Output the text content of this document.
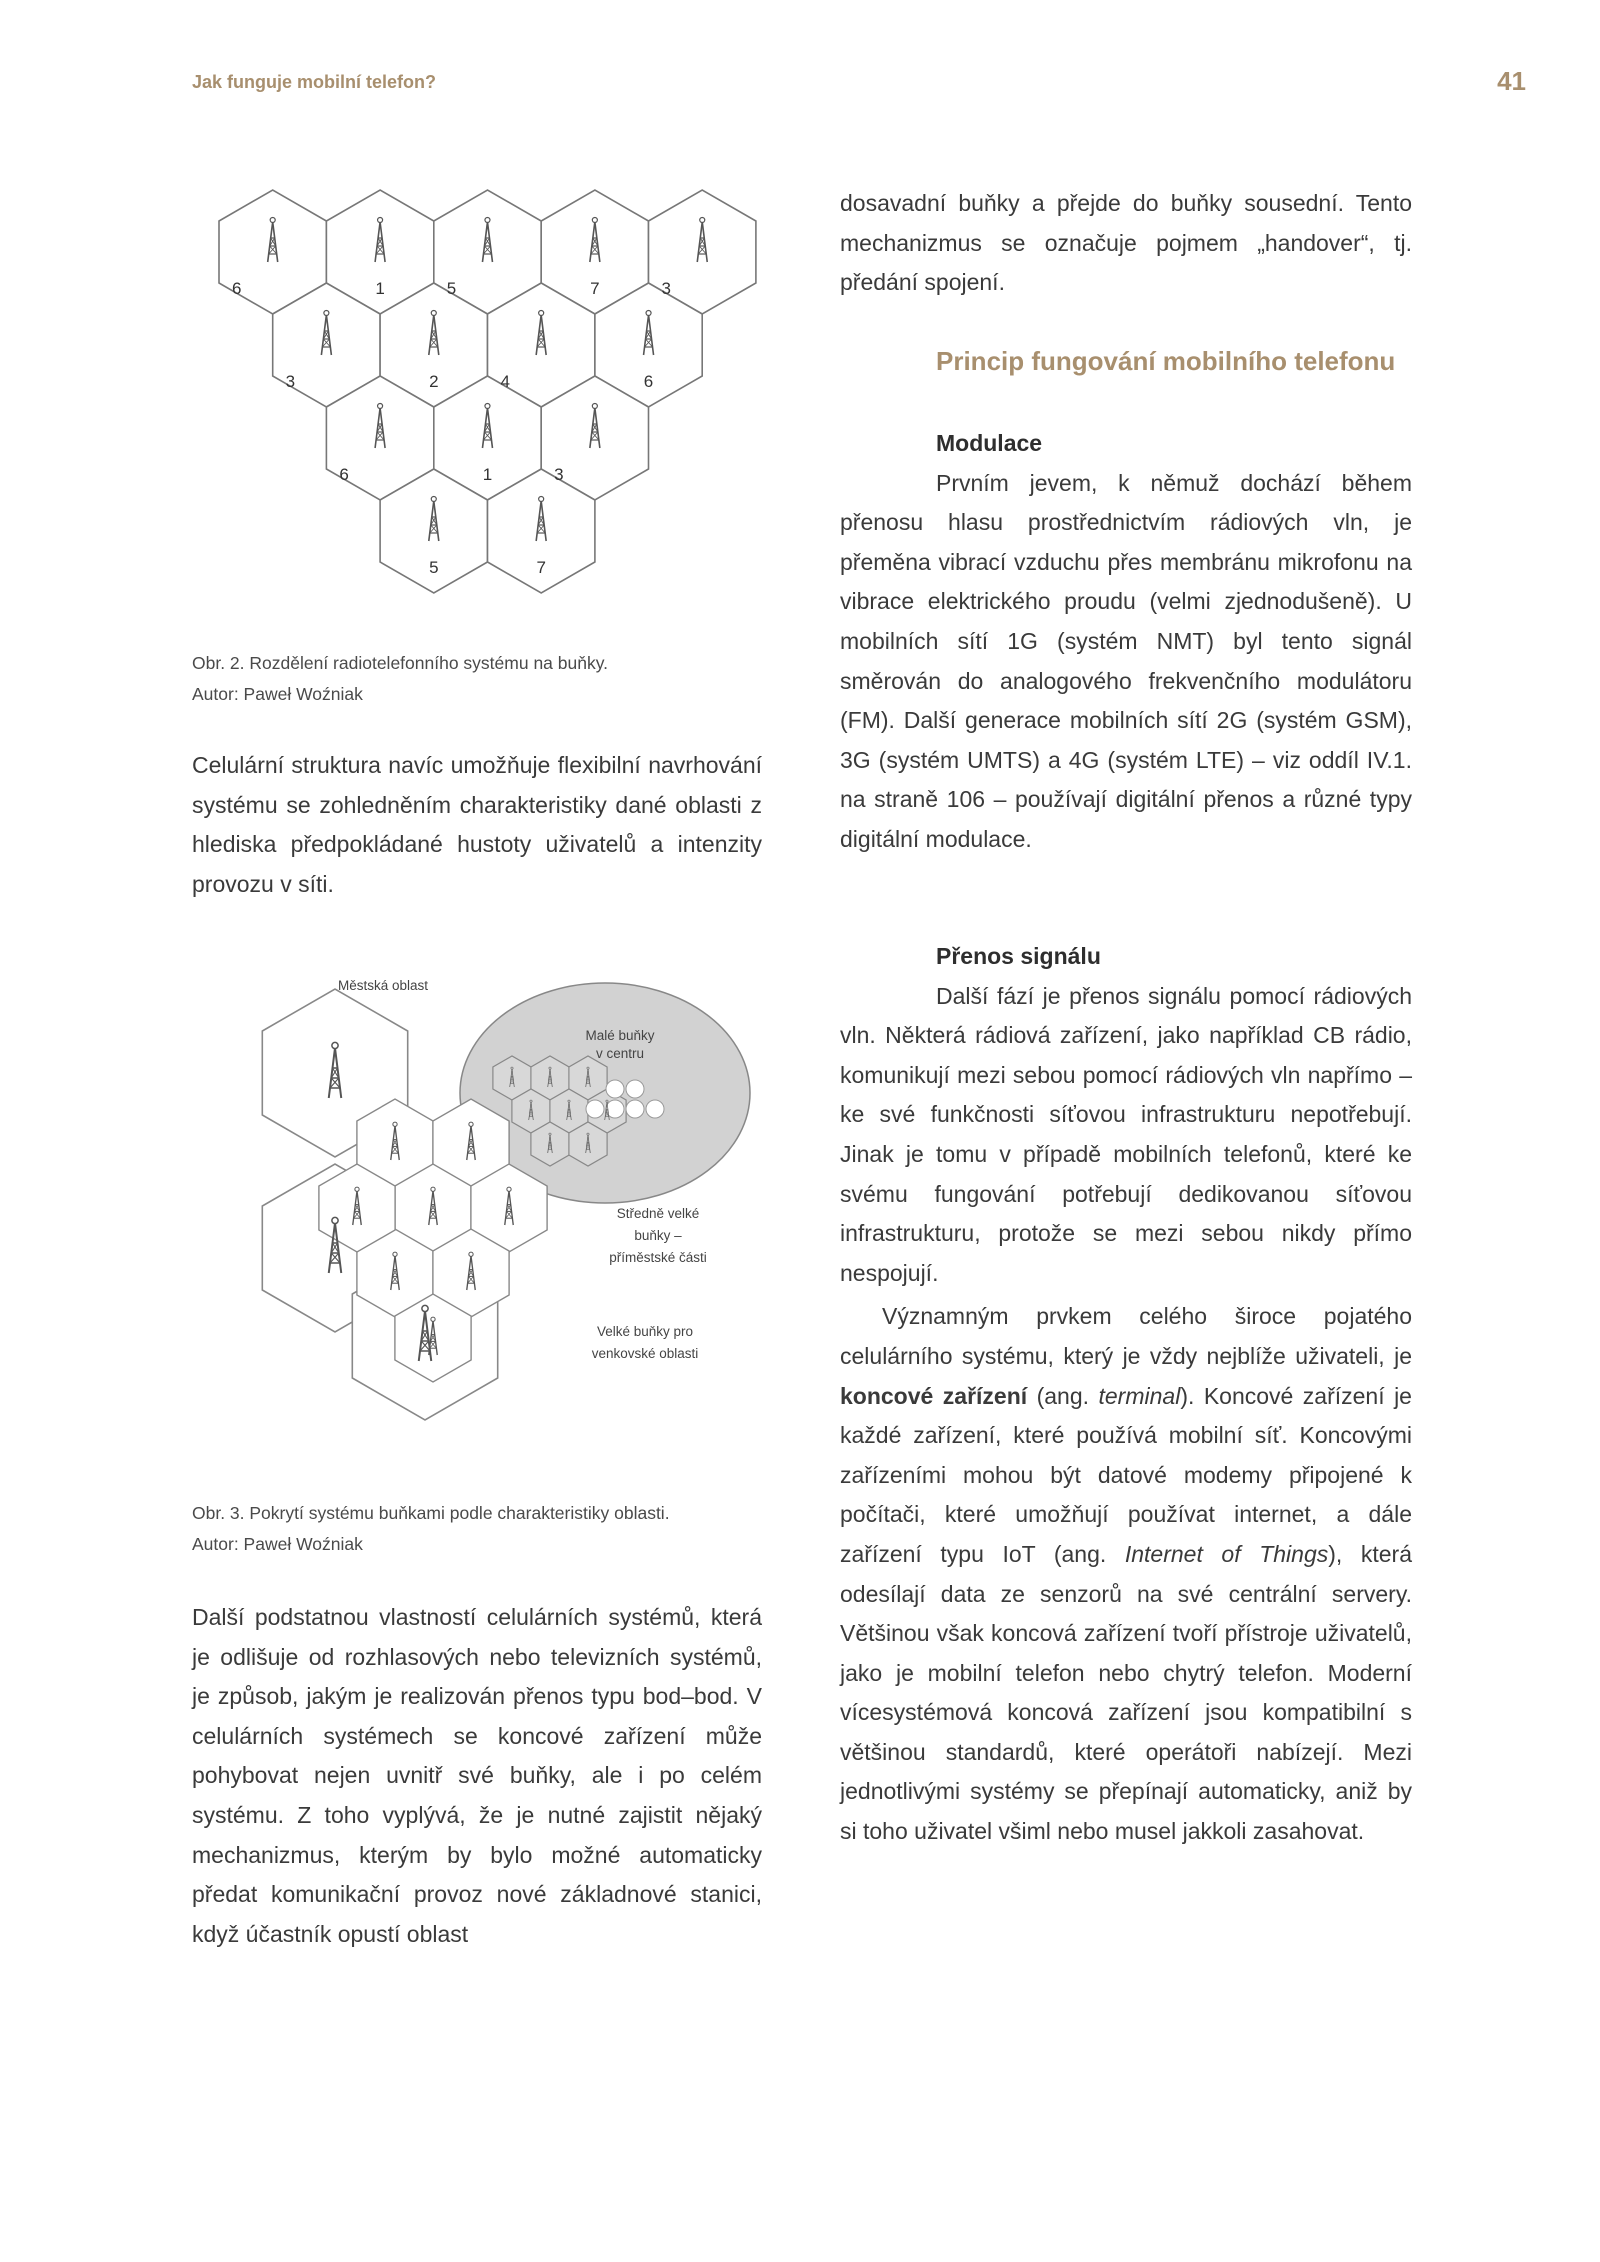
Jak funguje mobilní telefon?	41
6	1	5	7	3
3	2	4	6
6	1	3
5	7

Obr. 2. Rozdělení radiotelefonního systému na buňky.

Autor: Paweł Woźniak

Celulární struktura navíc umožňuje flexibilní navrhování systému se zohledněním charakteristiky dané oblasti z hlediska předpokládané hustoty uživatelů a intenzity provozu v síti.

Městská oblast
Malé buňky
v centru
Středně velké
buňky –
příměstské části
Velké buňky pro
venkovské oblasti

Obr. 3. Pokrytí systému buňkami podle charakteristiky oblasti.

Autor: Paweł Woźniak

Další podstatnou vlastností celulárních systémů, která je odlišuje od rozhlasových nebo televizních systémů, je způsob, jakým je realizován přenos typu bod–bod. V celulárních systémech se koncové zařízení může pohybovat nejen uvnitř své buňky, ale i po celém systému. Z toho vyplývá, že je nutné zajistit nějaký mechanizmus, kterým by bylo možné automaticky předat komunikační provoz nové základnové stanici, když účastník opustí oblast

dosavadní buňky a přejde do buňky sousední. Tento mechanizmus se označuje pojmem „handover“, tj. předání spojení.

Princip fungování mobilního telefonu

Modulace

Prvním jevem, k němuž dochází během přenosu hlasu prostřednictvím rádiových vln, je přeměna vibrací vzduchu přes membránu mikrofonu na vibrace elektrického proudu (velmi zjednodušeně). U mobilních sítí 1G (systém NMT) byl tento signál směrován do analogového frekvenčního modulátoru (FM). Další generace mobilních sítí 2G (systém GSM), 3G (systém UMTS) a 4G (systém LTE) – viz oddíl IV.1. na straně 106 – používají digitální přenos a různé typy digitální modulace.

Přenos signálu

Další fází je přenos signálu pomocí rádiových vln. Některá rádiová zařízení, jako například CB rádio, komunikují mezi sebou pomocí rádiových vln napřímo – ke své funkčnosti síťovou infrastrukturu nepotřebují. Jinak je tomu v případě mobilních telefonů, které ke svému fungování potřebují dedikovanou síťovou infrastrukturu, protože se mezi sebou nikdy přímo nespojují.

Významným prvkem celého široce pojatého celulárního systému, který je vždy nejblíže uživateli, je koncové zařízení (ang. terminal). Koncové zařízení je každé zařízení, které používá mobilní síť. Koncovými zařízeními mohou být datové modemy připojené k počítači, které umožňují používat internet, a dále zařízení typu IoT (ang. Internet of Things), která odesílají data ze senzorů na své centrální servery. Většinou však koncová zařízení tvoří přístroje uživatelů, jako je mobilní telefon nebo chytrý telefon. Moderní vícesystémová koncová zařízení jsou kompatibilní s většinou standardů, které operátoři nabízejí. Mezi jednotlivými systémy se přepínají automaticky, aniž by si toho uživatel všiml nebo musel jakkoli zasahovat.
